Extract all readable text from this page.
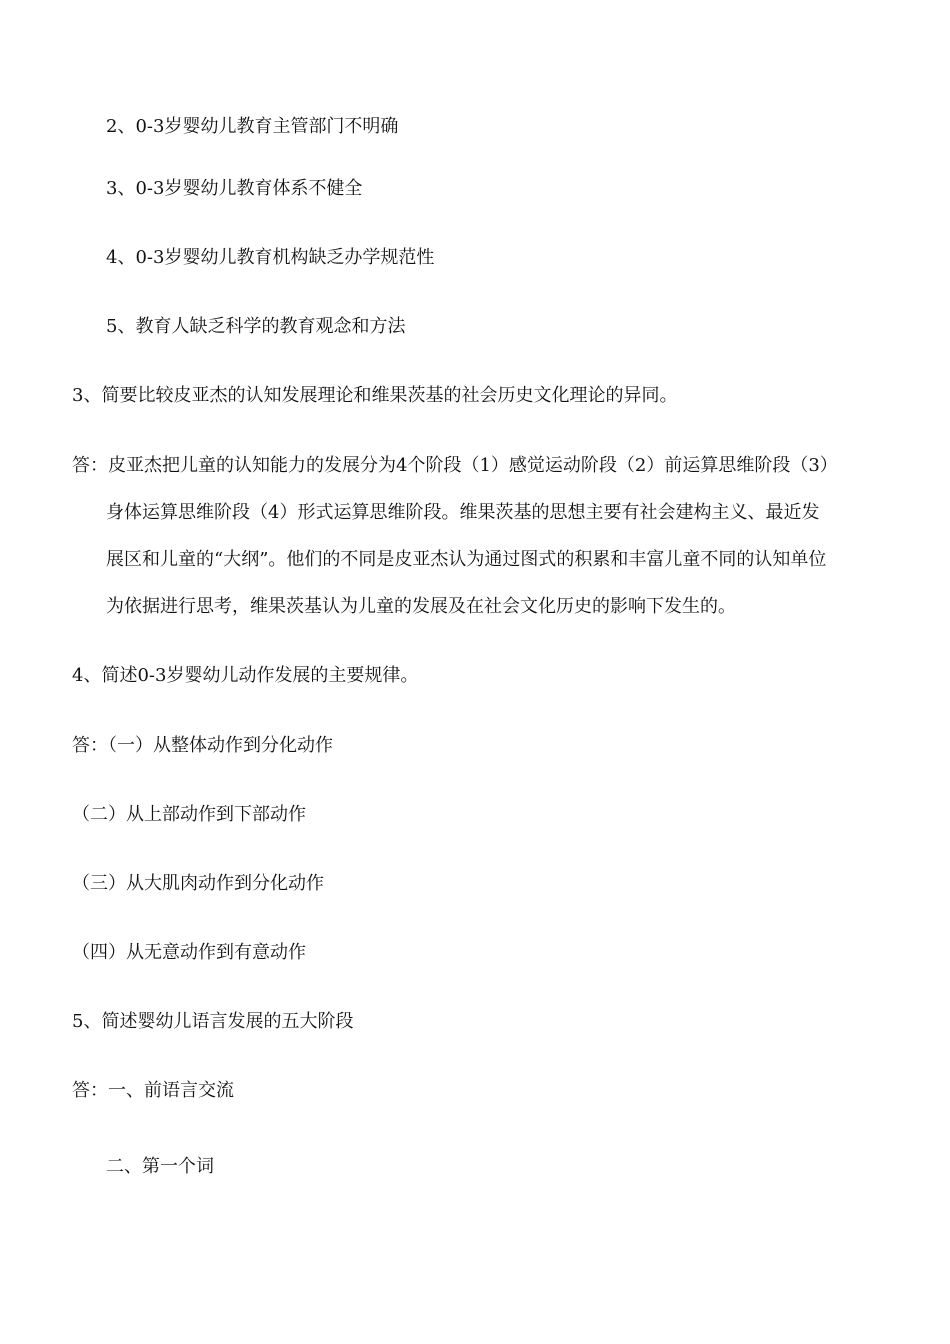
2、0-3岁婴幼儿教育主管部门不明确
3、0-3岁婴幼儿教育体系不健全
4、0-3岁婴幼儿教育机构缺乏办学规范性
5、教育人缺乏科学的教育观念和方法
3、简要比较皮亚杰的认知发展理论和维果茨基的社会历史文化理论的异同。
答：皮亚杰把儿童的认知能力的发展分为4个阶段（1）感觉运动阶段（2）前运算思维阶段（3）
身体运算思维阶段（4）形式运算思维阶段。维果茨基的思想主要有社会建构主义、最近发
展区和儿童的“大纲”。他们的不同是皮亚杰认为通过图式的积累和丰富儿童不同的认知单位
为依据进行思考，维果茨基认为儿童的发展及在社会文化历史的影响下发生的。
4、简述0-3岁婴幼儿动作发展的主要规律。
答：（一）从整体动作到分化动作
（二）从上部动作到下部动作
（三）从大肌肉动作到分化动作
（四）从无意动作到有意动作
5、简述婴幼儿语言发展的五大阶段
答：一、前语言交流
二、第一个词
